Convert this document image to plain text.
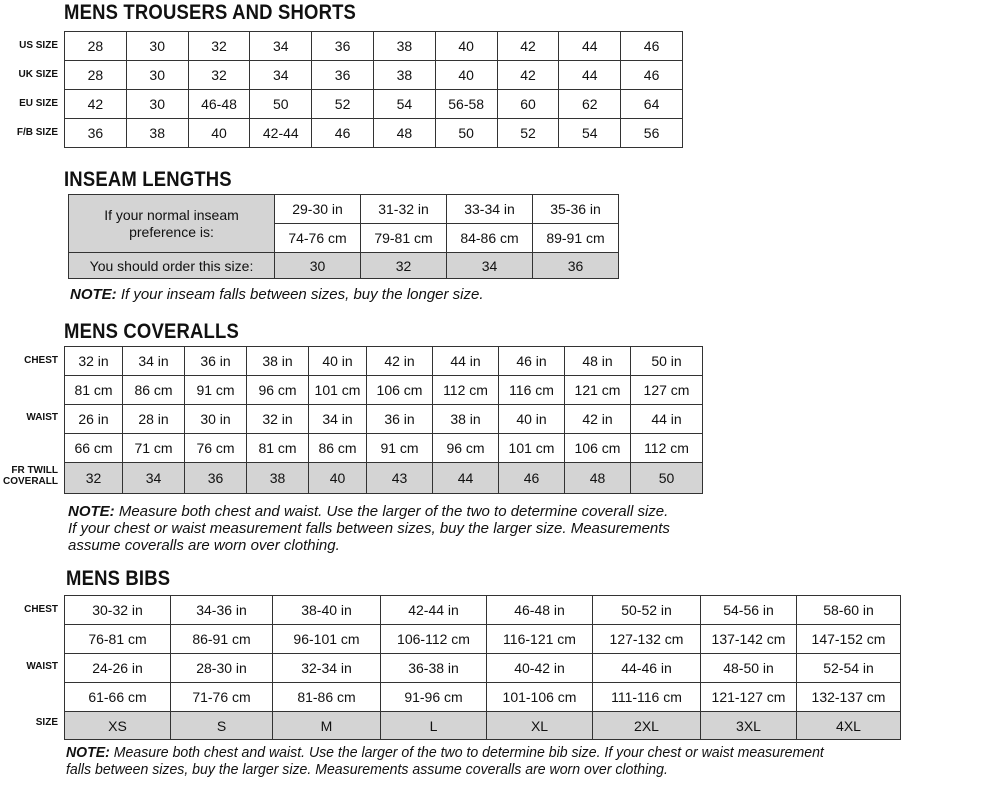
MENS TROUSERS AND SHORTS
US SIZE
UK SIZE
EU SIZE
F/B SIZE
28	30	32	34	36	38	40	42	44	46
28	30	32	34	36	38	40	42	44	46
42	30	46-48	50	52	54	56-58	60	62	64
36	38	40	42-44	46	48	50	52	54	56
INSEAM LENGTHS
If your normal inseam preference is:	29-30 in	31-32 in	33-34 in	35-36 in
	74-76 cm	79-81 cm	84-86 cm	89-91 cm
You should order this size:	30	32	34	36
NOTE: If your inseam falls between sizes, buy the longer size.
MENS COVERALLS
CHEST
WAIST
FR TWILL
COVERALL
32 in	34 in	36 in	38 in	40 in	42 in	44 in	46 in	48 in	50 in
81 cm	86 cm	91 cm	96 cm	101 cm	106 cm	112 cm	116 cm	121 cm	127 cm
26 in	28 in	30 in	32 in	34 in	36 in	38 in	40 in	42 in	44 in
66 cm	71 cm	76 cm	81 cm	86 cm	91 cm	96 cm	101 cm	106 cm	112 cm
32	34	36	38	40	43	44	46	48	50
NOTE: Measure both chest and waist. Use the larger of the two to determine coverall size.
If your chest or waist measurement falls between sizes, buy the larger size. Measurements
assume coveralls are worn over clothing.
MENS BIBS
CHEST
WAIST
SIZE
30-32 in	34-36 in	38-40 in	42-44 in	46-48 in	50-52 in	54-56 in	58-60 in
76-81 cm	86-91 cm	96-101 cm	106-112 cm	116-121 cm	127-132 cm	137-142 cm	147-152 cm
24-26 in	28-30 in	32-34 in	36-38 in	40-42 in	44-46 in	48-50 in	52-54 in
61-66 cm	71-76 cm	81-86 cm	91-96 cm	101-106 cm	111-116 cm	121-127 cm	132-137 cm
XS	S	M	L	XL	2XL	3XL	4XL
NOTE: Measure both chest and waist. Use the larger of the two to determine bib size. If your chest or waist measurement
falls between sizes, buy the larger size. Measurements assume coveralls are worn over clothing.
